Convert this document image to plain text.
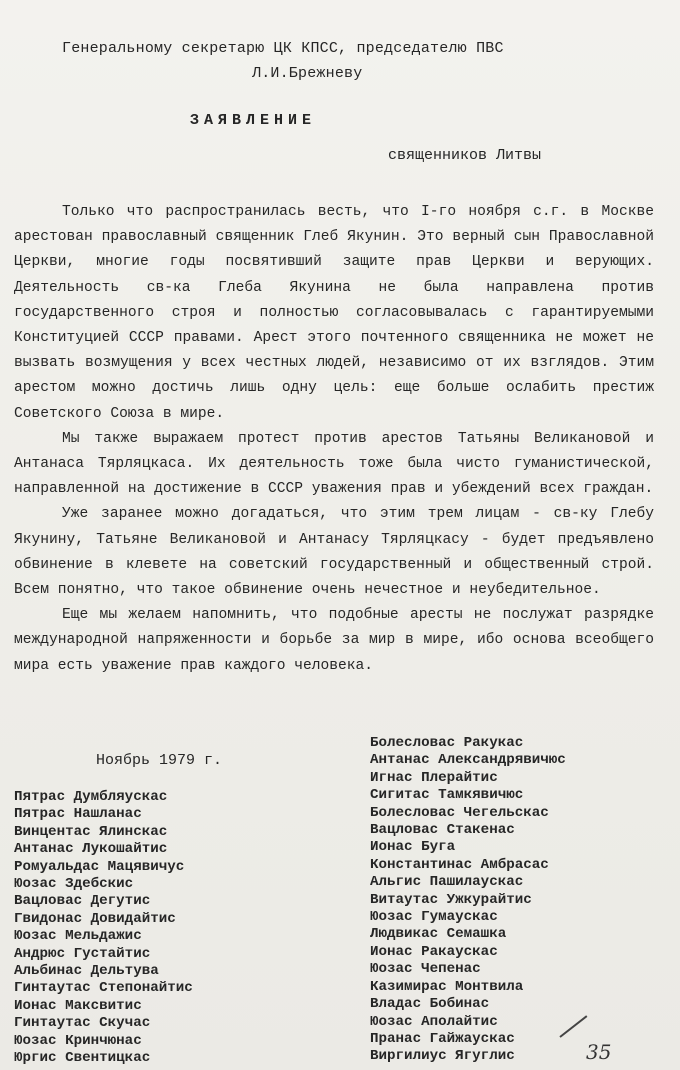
Генеральному секретарю ЦК КПСС, председателю ПВС
Л.И.Брежневу
ЗАЯВЛЕНИЕ
священников Литвы

Только что распространилась весть, что I-го ноября с.г. в Москве арестован православный священник Глеб Якунин. Это верный сын Православной Церкви, многие годы посвятивший защите прав Церкви и верующих. Деятельность св-ка Глеба Якунина не была направлена против государственного строя и полностью согласовывалась с гарантируемыми Конституцией СССР правами. Арест этого почтенного священника не может не вызвать возмущения у всех честных людей, независимо от их взглядов. Этим арестом можно достичь лишь одну цель: еще больше ослабить престиж Советского Союза в мире.

Мы также выражаем протест против арестов Татьяны Великановой и Антанаса Тярляцкаса. Их деятельность тоже была чисто гуманистической, направленной на достижение в СССР уважения прав и убеждений всех граждан.

Уже заранее можно догадаться, что этим трем лицам - св-ку Глебу Якунину, Татьяне Великановой и Антанасу Тярляцкасу - будет предъявлено обвинение в клевете на советский государственный и общественный строй. Всем понятно, что такое обвинение очень нечестное и неубедительное.

Еще мы желаем напомнить, что подобные аресты не послужат разрядке международной напряженности и борьбе за мир в мире, ибо основа всеобщего мира есть уважение прав каждого человека.

Ноябрь 1979 г.
Пятрас Думбляускас
Пятрас Нашланас
Винцентас Ялинскас
Антанас Лукошайтис
Ромуальдас Мацявичус
Юозас Здебскис
Вацловас Дегутис
Гвидонас Довидайтис
Юозас Мельдажис
Андрюс Густайтис
Альбинас Дельтува
Гинтаутас Степонайтис
Ионас Максвитис
Гинтаутас Скучас
Юозас Кринчюнас
Юргис Свентицкас
Болесловас Ракукас
Антанас Александрявичюс
Игнас Плерайтис
Сигитас Тамкявичюс
Болесловас Чегельскас
Вацловас Стакенас
Ионас Буга
Константинас Амбрасас
Альгис Пашилаускас
Витаутас Ужкурайтис
Юозас Гумаускас
Людвикас Семашка
Ионас Ракаускас
Юозас Чепенас
Казимирас Монтвила
Владас Бобинас
Юозас Аполайтис
Пранас Гайжаускас
Виргилиус Ягуглис	35
